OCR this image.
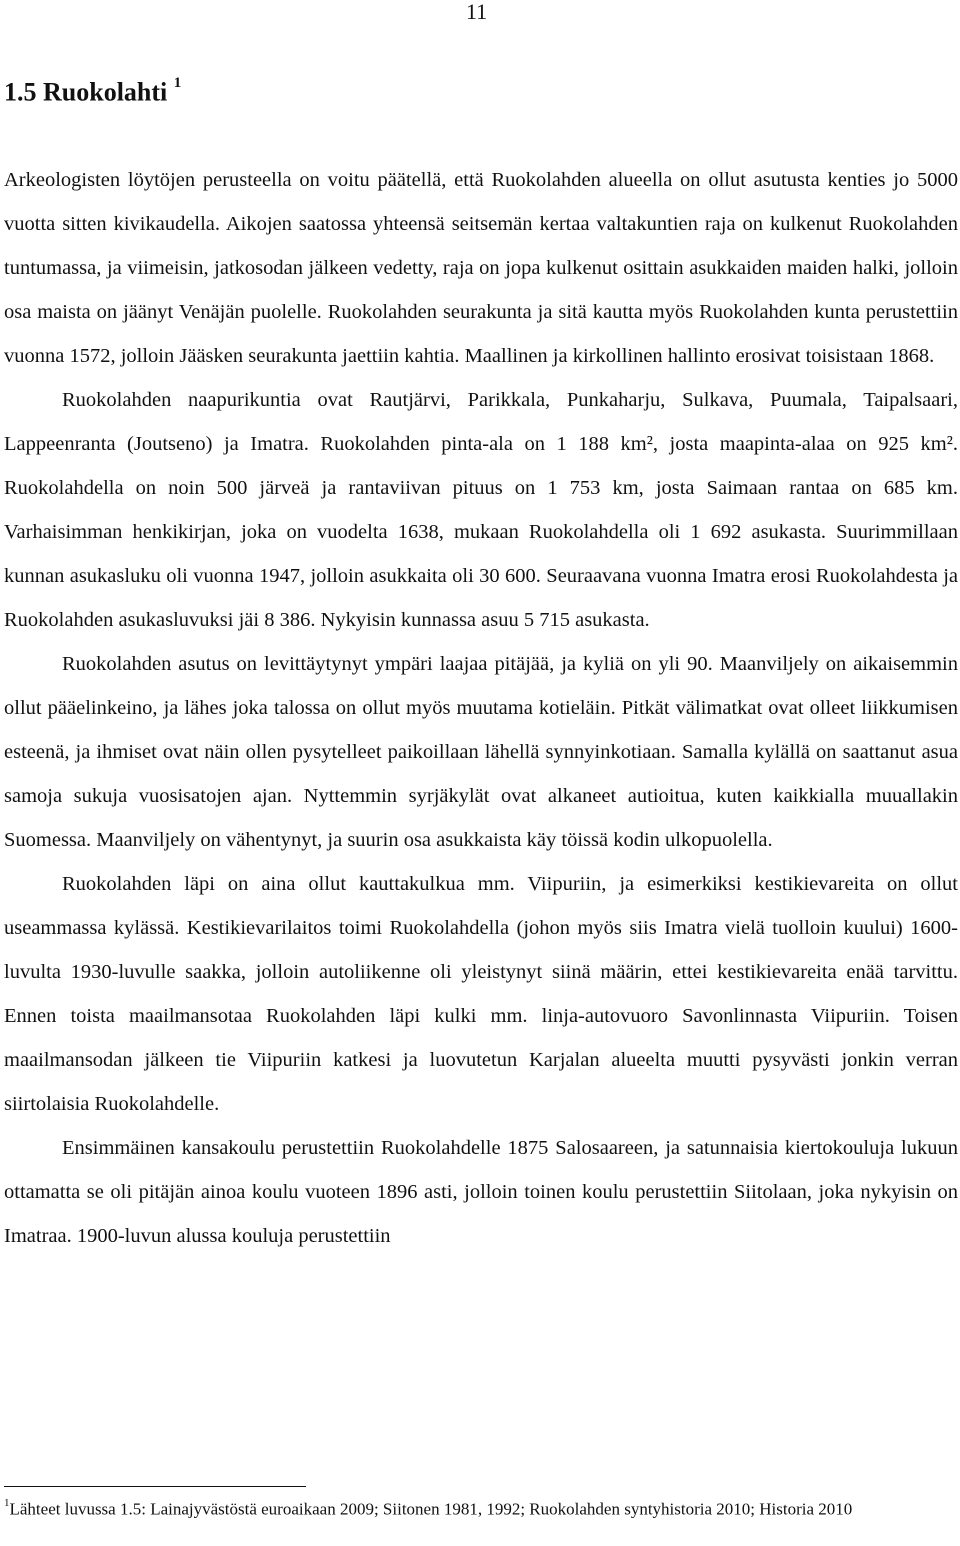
11
1.5 Ruokolahti $^1$

Arkeologisten löytöjen perusteella on voitu päätellä, että Ruokolahden alueella on ollut asutusta kenties jo 5000 vuotta sitten kivikaudella. Aikojen saatossa yhteensä seitsemän kertaa valtakuntien raja on kulkenut Ruokolahden tuntumassa, ja viimeisin, jatkosodan jälkeen vedetty, raja on jopa kulkenut osittain asukkaiden maiden halki, jolloin osa maista on jäänyt Venäjän puolelle. Ruokolahden seurakunta ja sitä kautta myös Ruokolahden kunta perustettiin vuonna 1572, jolloin Jääsken seurakunta jaettiin kahtia. Maallinen ja kirkollinen hallinto erosivat toisistaan 1868.

Ruokolahden naapurikuntia ovat Rautjärvi, Parikkala, Punkaharju, Sulkava, Puumala, Taipalsaari, Lappeenranta (Joutseno) ja Imatra. Ruokolahden pinta-ala on 1 188 km², josta maapinta-alaa on 925 km². Ruokolahdella on noin 500 järveä ja rantaviivan pituus on 1 753 km, josta Saimaan rantaa on 685 km. Varhaisimman henkikirjan, joka on vuodelta 1638, mukaan Ruokolahdella oli 1 692 asukasta. Suurimmillaan kunnan asukasluku oli vuonna 1947, jolloin asukkaita oli 30 600. Seuraavana vuonna Imatra erosi Ruokolahdesta ja Ruokolahden asukasluvuksi jäi 8 386. Nykyisin kunnassa asuu 5 715 asukasta.

Ruokolahden asutus on levittäytynyt ympäri laajaa pitäjää, ja kyliä on yli 90. Maanviljely on aikaisemmin ollut pääelinkeino, ja lähes joka talossa on ollut myös muutama kotieläin. Pitkät välimatkat ovat olleet liikkumisen esteenä, ja ihmiset ovat näin ollen pysytelleet paikoillaan lähellä synnyinkotiaan. Samalla kylällä on saattanut asua samoja sukuja vuosisatojen ajan. Nyttemmin syrjäkylät ovat alkaneet autioitua, kuten kaikkialla muuallakin Suomessa. Maanviljely on vähentynyt, ja suurin osa asukkaista käy töissä kodin ulkopuolella.

Ruokolahden läpi on aina ollut kauttakulkua mm. Viipuriin, ja esimerkiksi kestikievareita on ollut useammassa kylässä. Kestikievarilaitos toimi Ruokolahdella (johon myös siis Imatra vielä tuolloin kuului) 1600-luvulta 1930-luvulle saakka, jolloin autoliikenne oli yleistynyt siinä määrin, ettei kestikievareita enää tarvittu. Ennen toista maailmansotaa Ruokolahden läpi kulki mm. linja-autovuoro Savonlinnasta Viipuriin. Toisen maailmansodan jälkeen tie Viipuriin katkesi ja luovutetun Karjalan alueelta muutti pysyvästi jonkin verran siirtolaisia Ruokolahdelle.

Ensimmäinen kansakoulu perustettiin Ruokolahdelle 1875 Salosaareen, ja satunnaisia kiertokouluja lukuun ottamatta se oli pitäjän ainoa koulu vuoteen 1896 asti, jolloin toinen koulu perustettiin Siitolaan, joka nykyisin on Imatraa. 1900-luvun alussa kouluja perustettiin

$^1$Lähteet luvussa 1.5: Lainajyvästöstä euroaikaan 2009; Siitonen 1981, 1992; Ruokolahden syntyhistoria 2010; Historia 2010
